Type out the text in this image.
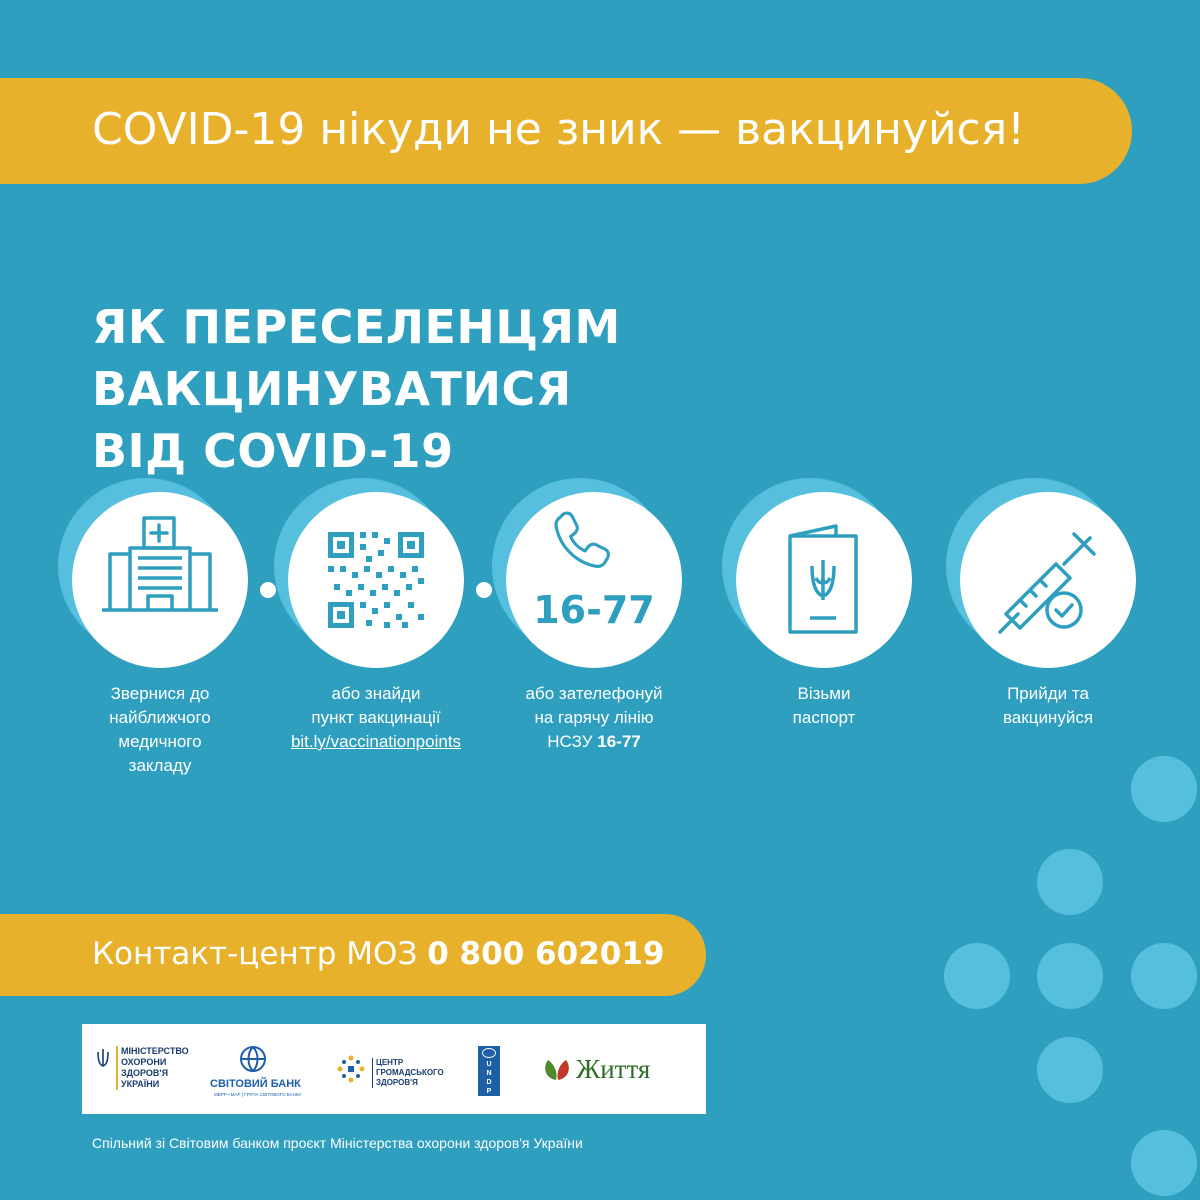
COVID-19 нікуди не зник — вакцинуйся!
ЯК ПЕРЕСЕЛЕНЦЯМ ВАКЦИНУВАТИСЯ
ВІД COVID-19
Звернися до
найближчого
медичного
закладу
або знайди
пункт вакцинації
bit.ly/vaccinationpoints
16-77
або зателефонуй
на гарячу лінію
НСЗУ 16-77
Візьми
паспорт
Прийди та
вакцинуйся
Контакт-центр МОЗ 0 800 602019
МІНІСТЕРСТВО
ОХОРОНИ
ЗДОРОВ'Я
УКРАЇНИ	СВІТОВИЙ БАНК
МБРР • МАР | ГРУПА СВІТОВОГО БАНКУ
ЦЕНТР
ГРОМАДСЬКОГО
ЗДОРОВ'Я
U
N
D
P
Життя
Спільний зі Світовим банком проєкт Міністерства охорони здоров'я України
